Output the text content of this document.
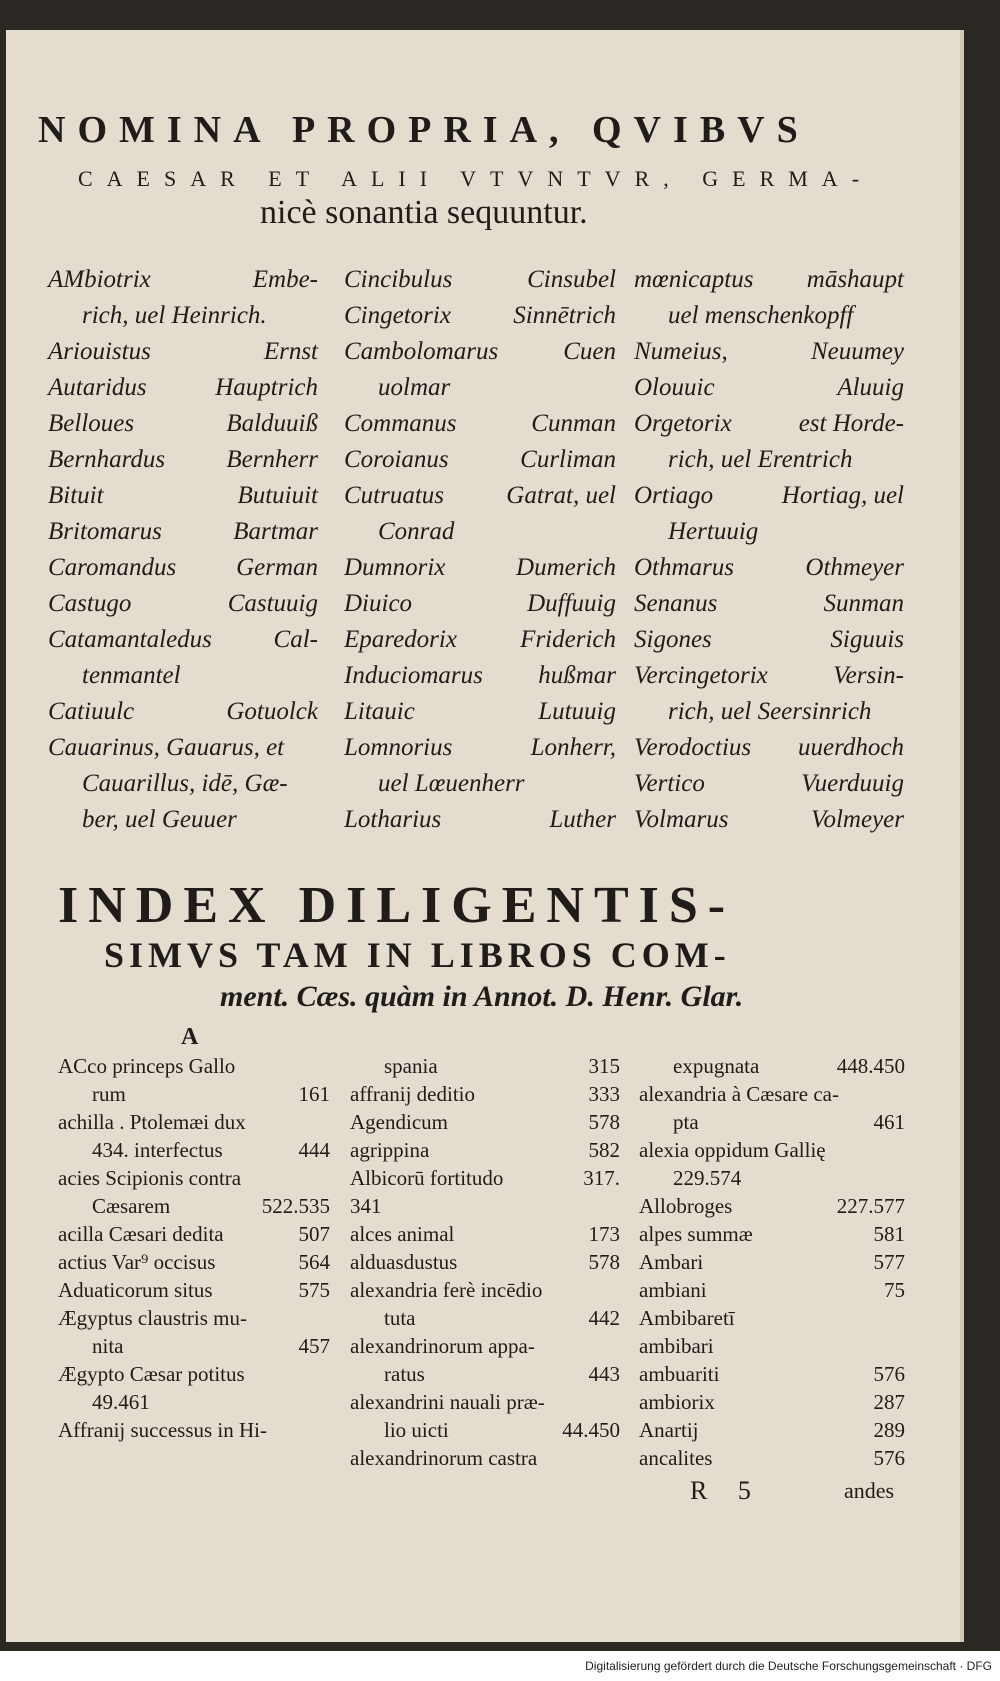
NOMINA PROPRIA, QVIBVS
CAESAR ET ALII VTVNTVR, GERMA-
nicè sonantia sequuntur.
AMbiotrix	Embe-
rich, uel Heinrich.
Ariouistus	Ernst
Autaridus	Hauptrich
Belloues	Balduuiß
Bernhardus Bernherr
Bituit	Butuiuit
Britomarus	Bartmar
Caromandus German
Castugo	Castuuig
Catamantaledus Cal-
tenmantel
Catiuulc	Gotuolck
Cauarinus, Gauarus, et
Cauarillus, idē, Gæ-
ber, uel Geuuer
Cincibulus	Cinsubel
Cingetorix Sinnētrich
Cambolomarus	Cuen
uolmar
Commanus	Cunman
Coroianus	Curliman
Cutruatus Gatrat, uel
Conrad
Dumnorix	Dumerich
Diuico	Duffuuig
Eparedorix	Friderich
Induciomarus hußmar
Litauic	Lutuuig
Lomnorius	Lonherr,
uel Lœuenherr
Lotharius	Luther
mœnicaptus māshaupt
uel menschenkopff
Numeius,	Neuumey
Olouuic	Aluuig
Orgetorix	est Horde-
rich, uel Erentrich
Ortiago	Hortiag, uel
Hertuuig
Othmarus	Othmeyer
Senanus	Sunman
Sigones	Siguuis
Vercingetorix	Versin-
rich, uel Seersinrich
Verodoctius uuerdhoch
Vertico	Vuerduuig
Volmarus	Volmeyer
INDEX DILIGENTIS-
SIMVS TAM IN LIBROS COM-
ment. Cæs. quàm in Annot. D. Henr. Glar.
A
ACco princeps Gallo
rum	161
achilla . Ptolemæi dux
434. interfectus	444
acies Scipionis contra
Cæsarem	522.535
acilla Cæsari dedita	507
actius Var⁹ occisus	564
Aduaticorum situs	575
Ægyptus claustris mu-
nita	457
Ægypto Cæsar potitus
49.461
Affranij successus in Hi-
spania	315
affranij deditio	333
Agendicum	578
agrippina	582
Albicorū fortitudo	317.
341
alces animal	173
alduasdustus	578
alexandria ferè incēdio
tuta	442
alexandrinorum appa-
ratus	443
alexandrini nauali præ-
lio uicti	44.450
alexandrinorum castra
expugnata	448.450
alexandria à Cæsare ca-
pta	461
alexia oppidum Gallię
229.574
Allobroges	227.577
alpes summæ	581
Ambari	577
ambiani	75
Ambibaretī
ambibari
ambuariti	576
ambiorix	287
Anartij	289
ancalites	576
R 5	andes
Digitalisierung gefördert durch die Deutsche Forschungsgemeinschaft · DFG
